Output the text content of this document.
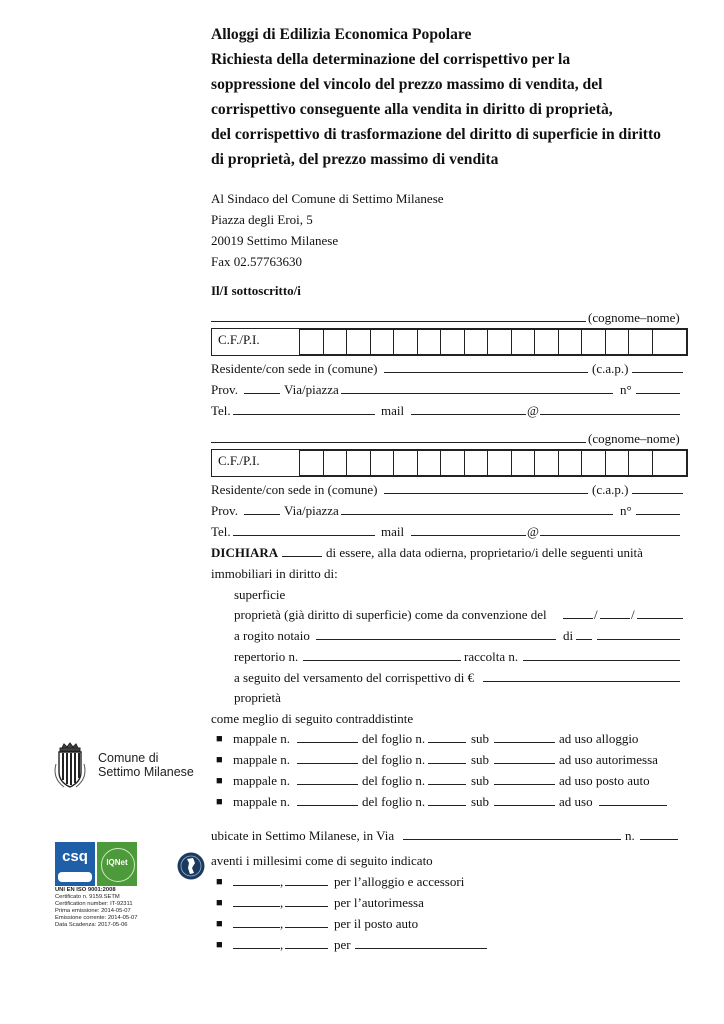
Alloggi di Edilizia Economica Popolare
Richiesta della determinazione del corrispettivo per la
soppressione del vincolo del prezzo massimo di vendita, del
corrispettivo conseguente alla vendita in diritto di proprietà,
del corrispettivo di trasformazione del diritto di superficie in diritto
di proprietà, del prezzo massimo di vendita
Al Sindaco del Comune di Settimo Milanese
Piazza degli Eroi, 5
20019 Settimo Milanese
Fax 02.57763630
Il/I sottoscritto/i
(cognome–nome)
C.F./P.I.
Residente/con sede in (comune)	(c.a.p.)
Prov.	Via/piazza	n°
Tel.	mail	@
(cognome–nome)
C.F./P.I.
Residente/con sede in (comune)	(c.a.p.)
Prov.	Via/piazza	n°
Tel.	mail	@
DICHIARA	di essere, alla data odierna, proprietario/i delle seguenti unità
immobiliari in diritto di:
superficie
proprietà (già diritto di superficie) come da convenzione del	/	/
a rogito notaio	di
repertorio n.	raccolta n.
a seguito del versamento del corrispettivo di €
proprietà
come meglio di seguito contraddistinte
■ mappale n.	del foglio n.	sub	ad uso alloggio
■ mappale n.	del foglio n.	sub	ad uso autorimessa
■ mappale n.	del foglio n.	sub	ad uso posto auto
■ mappale n.	del foglio n.	sub	ad uso
ubicate in Settimo Milanese, in Via	n.
aventi i millesimi come di seguito indicato
■	,	per l’alloggio e accessori
■	,	per l’autorimessa
■	,	per il posto auto
■	,	per
Comune di
Settimo Milanese
csq	IQNet
UNI EN ISO 9001:2008
Certificato n. 9159.SETM
Certification number: IT-92311
Prima emissione: 2014-05-07
Emissione corrente: 2014-05-07
Data Scadenza: 2017-05-06
